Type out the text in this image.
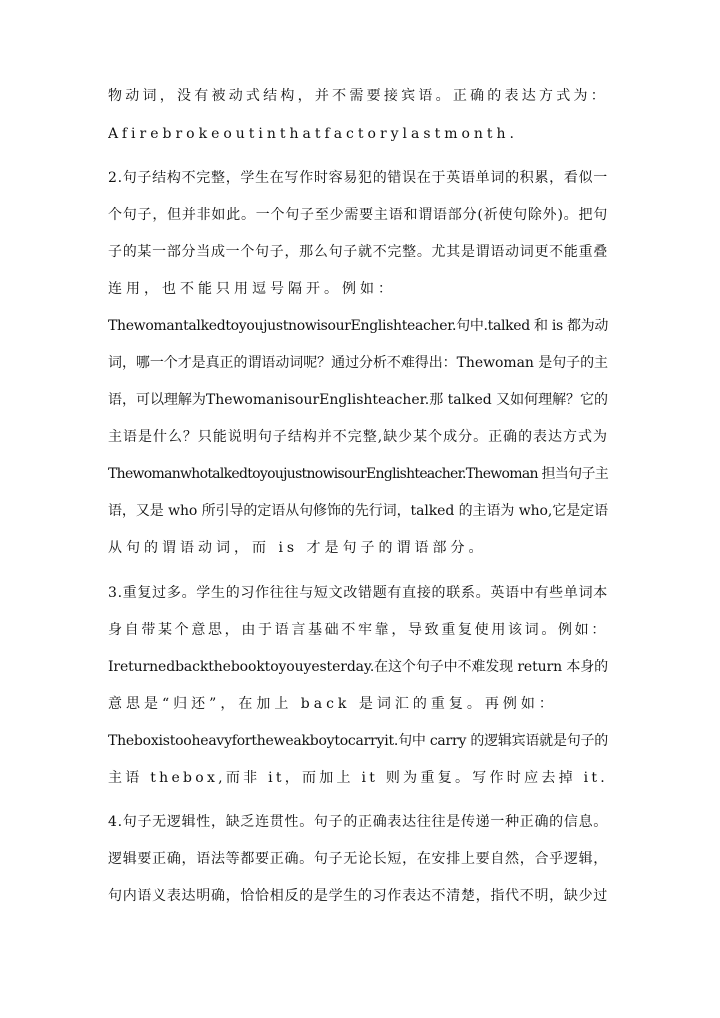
物动词，没有被动式结构，并不需要接宾语。正确的表达方式为：
Afirebrokeoutinthatfactorylastmonth.
2.句子结构不完整，学生在写作时容易犯的错误在于英语单词的积累，看似一
个句子，但并非如此。一个句子至少需要主语和谓语部分(祈使句除外)。把句
子的某一部分当成一个句子，那么句子就不完整。尤其是谓语动词更不能重叠
连用，也不能只用逗号隔开。例如：
ThewomantalkedtoyoujustnowisourEnglishteacher.句中.talked 和 is 都为动
词，哪一个才是真正的谓语动词呢？通过分析不难得出：Thewoman 是句子的主
语，可以理解为ThewomanisourEnglishteacher.那 talked 又如何理解？它的
主语是什么？只能说明句子结构并不完整,缺少某个成分。正确的表达方式为
ThewomanwhotalkedtoyoujustnowisourEnglishteacher.Thewoman 担当句子主
语，又是 who 所引导的定语从句修饰的先行词，talked 的主语为 who,它是定语
从句的谓语动词，而 is 才是句子的谓语部分。
3.重复过多。学生的习作往往与短文改错题有直接的联系。英语中有些单词本
身自带某个意思，由于语言基础不牢靠，导致重复使用该词。例如：
Ireturnedbackthebooktoyouyesterday.在这个句子中不难发现 return 本身的
意思是“归还”，在加上 back 是词汇的重复。再例如：
Theboxistooheavyfortheweakboytocarryit.句中 carry 的逻辑宾语就是句子的
主语 thebox,而非 it，而加上 it 则为重复。写作时应去掉 it.
4.句子无逻辑性，缺乏连贯性。句子的正确表达往往是传递一种正确的信息。
逻辑要正确，语法等都要正确。句子无论长短，在安排上要自然，合乎逻辑，
句内语义表达明确，恰恰相反的是学生的习作表达不清楚，指代不明，缺少过
